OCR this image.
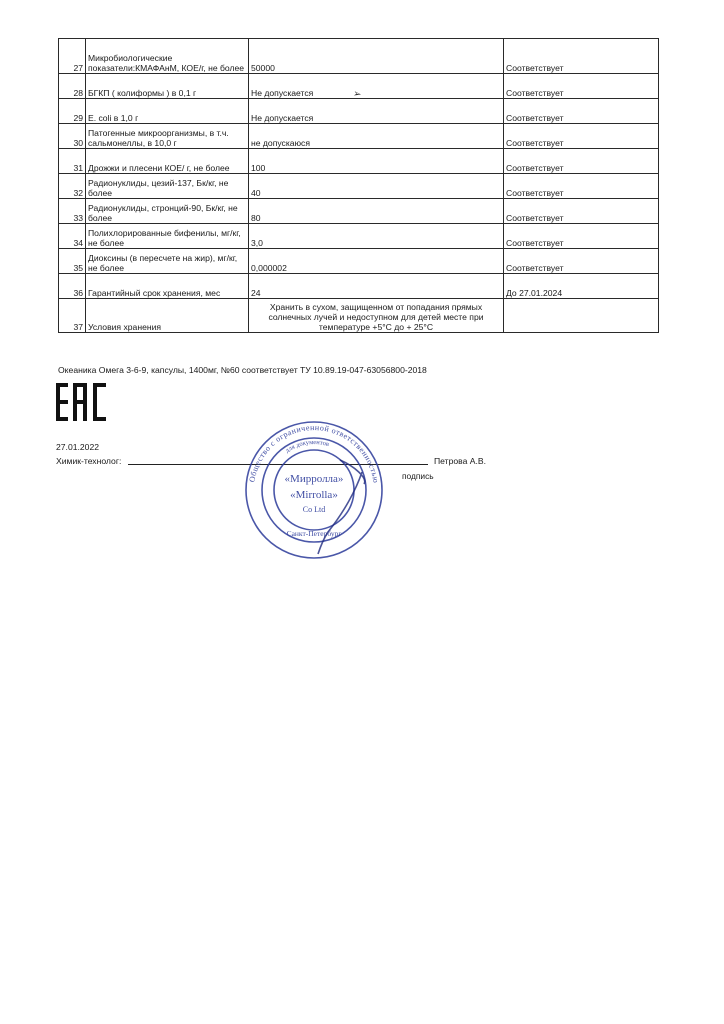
27	Микробиологические показатели:КМАФАнМ, КОЕ/г, не более	50000	Соответствует
28	БГКП ( колиформы ) в 0,1 г	Не допускается	Соответствует
29	E. coli в 1,0 г	Не допускается	Соответствует
30	Патогенные микроорганизмы, в т.ч. сальмонеллы, в 10,0 г	не допускаюся	Соответствует
31	Дрожжи и плесени КОЕ/ г, не более	100	Соответствует
32	Радионуклиды, цезий-137, Бк/кг, не более	40	Соответствует
33	Радионуклиды, стронций-90, Бк/кг, не более	80	Соответствует
34	Полихлорированные бифенилы, мг/кг, не более	3,0	Соответствует
35	Диоксины (в пересчете на жир), мг/кг, не более	0,000002	Соответствует
36	Гарантийный срок хранения, мес	24	До 27.01.2024
37	Условия хранения	Хранить в сухом, защищенном от попадания прямых солнечных лучей и недоступном для детей месте при температуре +5°С до + 25°С	
➢
Океаника Омега 3-6-9, капсулы, 1400мг, №60 соответствует ТУ 10.89.19-047-63056800-2018
27.01.2022
Химик-технолог:	Петрова А.В.
подпись
Общество с ограниченной ответственностью
для документов
«Мирролла»
«Mirrolla»
Co Ltd
Санкт-Петербург
